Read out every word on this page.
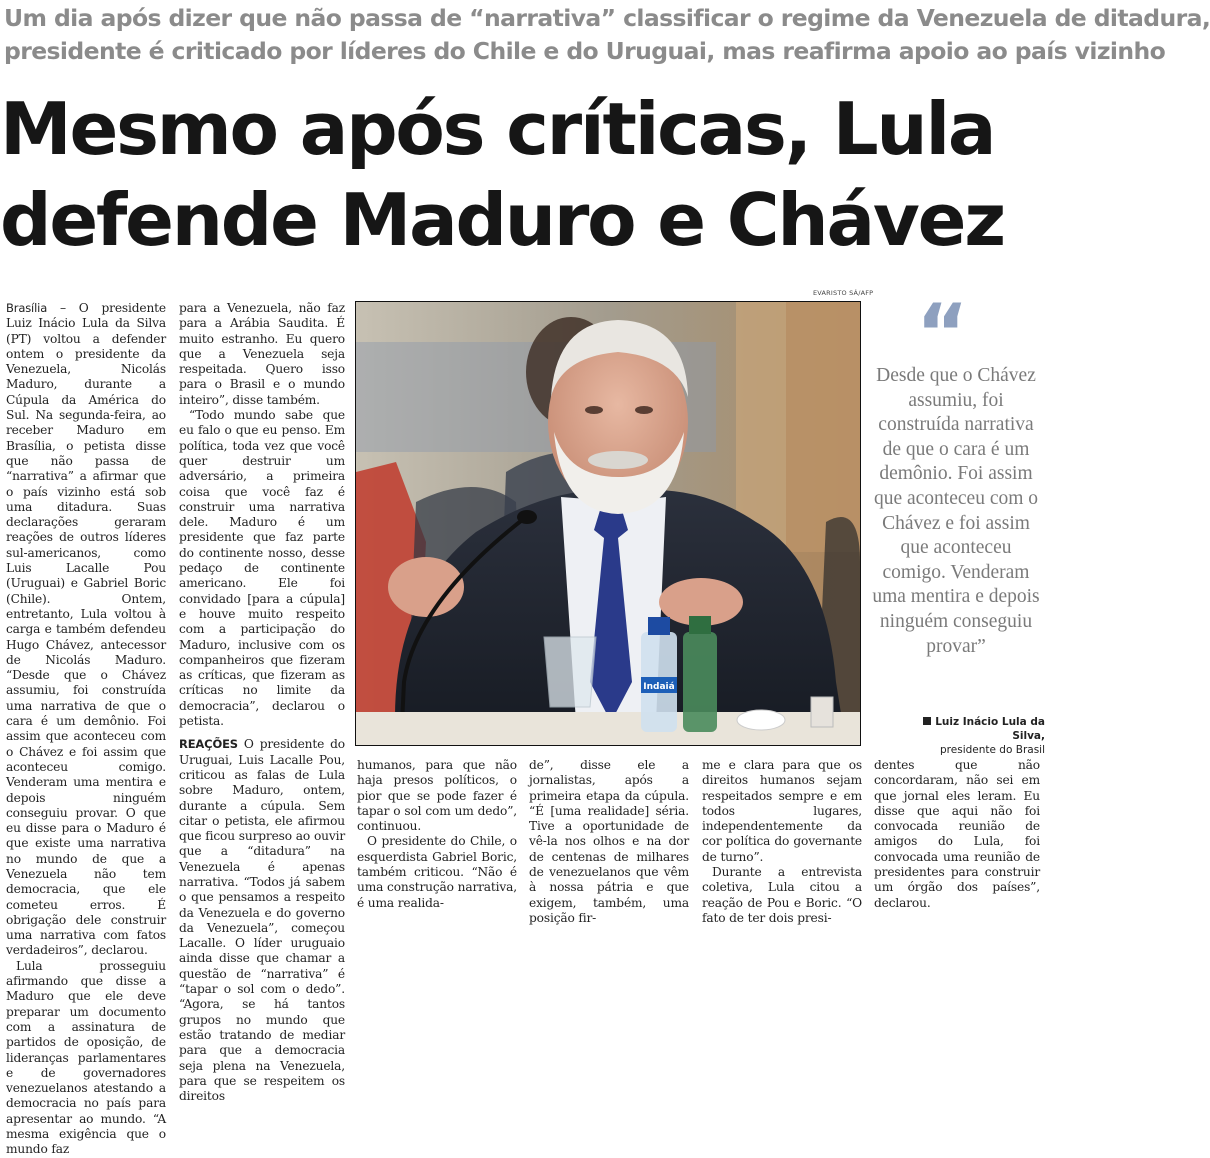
Um dia após dizer que não passa de “narrativa” classificar o regime da Venezuela de ditadura,
presidente é criticado por líderes do Chile e do Uruguai, mas reafirma apoio ao país vizinho
Mesmo após críticas, Lula
defende Maduro e Chávez

Brasília – O presidente Luiz Inácio Lula da Silva (PT) voltou a defender ontem o presidente da Venezuela, Nicolás Maduro, durante a Cúpula da América do Sul. Na segunda-feira, ao receber Maduro em Brasília, o petista disse que não passa de “narrativa” a afirmar que o país vizinho está sob uma ditadura. Suas declarações geraram reações de outros líderes sul-americanos, como Luis Lacalle Pou (Uruguai) e Gabriel Boric (Chile). Ontem, entretanto, Lula voltou à carga e também defendeu Hugo Chávez, antecessor de Nicolás Maduro. “Desde que o Chávez assumiu, foi construída uma narrativa de que o cara é um demônio. Foi assim que aconteceu com o Chávez e foi assim que aconteceu comigo. Venderam uma mentira e depois ninguém conseguiu provar. O que eu disse para o Maduro é que existe uma narrativa no mundo de que a Venezuela não tem democracia, que ele cometeu erros. É obrigação dele construir uma narrativa com fatos verdadeiros”, declarou.

Lula prosseguiu afirmando que disse a Maduro que ele deve preparar um documento com a assinatura de partidos de oposição, de lideranças parlamentares e de governadores venezuelanos atestando a democracia no país para apresentar ao mundo. “A mesma exigência que o mundo faz

para a Venezuela, não faz para a Arábia Saudita. É muito estranho. Eu quero que a Venezuela seja respeitada. Quero isso para o Brasil e o mundo inteiro”, disse também.

“Todo mundo sabe que eu falo o que eu penso. Em política, toda vez que você quer destruir um adversário, a primeira coisa que você faz é construir uma narrativa dele. Maduro é um presidente que faz parte do continente nosso, desse pedaço de continente americano. Ele foi convidado [para a cúpula] e houve muito respeito com a participação do Maduro, inclusive com os companheiros que fizeram as críticas, que fizeram as críticas no limite da democracia”, declarou o petista.

REAÇÕES O presidente do Uruguai, Luis Lacalle Pou, criticou as falas de Lula sobre Maduro, ontem, durante a cúpula. Sem citar o petista, ele afirmou que ficou surpreso ao ouvir que a “ditadura” na Venezuela é apenas narrativa. “Todos já sabem o que pensamos a respeito da Venezuela e do governo da Venezuela”, começou Lacalle. O líder uruguaio ainda disse que chamar a questão de “narrativa” é “tapar o sol com o dedo”. “Agora, se há tantos grupos no mundo que estão tratando de mediar para que a democracia seja plena na Venezuela, para que se respeitem os direitos

EVARISTO SÁ/AFP
Indaiá

humanos, para que não haja presos políticos, o pior que se pode fazer é tapar o sol com um dedo”, continuou.

O presidente do Chile, o esquerdista Gabriel Boric, também criticou. “Não é uma construção narrativa, é uma realida-

de”, disse ele a jornalistas, após a primeira etapa da cúpula. “É [uma realidade] séria. Tive a oportunidade de vê-la nos olhos e na dor de centenas de milhares de venezuelanos que vêm à nossa pátria e que exigem, também, uma posição fir-

me e clara para que os direitos humanos sejam respeitados sempre e em todos lugares, independentemente da cor política do governante de turno”.

Durante a entrevista coletiva, Lula citou a reação de Pou e Boric. “O fato de ter dois presi-

dentes que não concordaram, não sei em que jornal eles leram. Eu disse que aqui não foi convocada reunião de amigos do Lula, foi convocada uma reunião de presidentes para construir um órgão dos países”, declarou.

“
Desde que o Chávez assumiu, foi construída narrativa de que o cara é um demônio. Foi assim que aconteceu com o Chávez e foi assim que aconteceu comigo. Venderam uma mentira e depois ninguém conseguiu provar”
Luiz Inácio Lula da Silva,
presidente do Brasil
